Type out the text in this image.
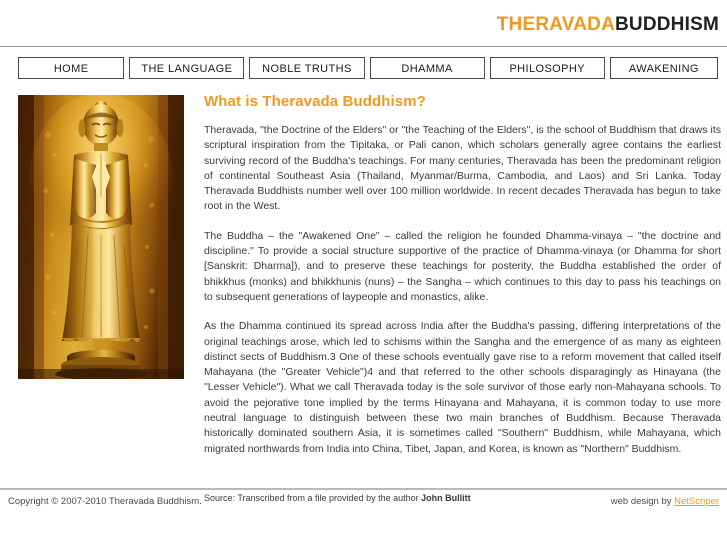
THERAVADABUDDHISM
HOME	THE LANGUAGE	NOBLE TRUTHS	DHAMMA	PHILOSOPHY	AWAKENING
What is Theravada Buddhism?

Theravada, "the Doctrine of the Elders" or "the Teaching of the Elders", is the school of Buddhism that draws its scriptural inspiration from the Tipitaka, or Pali canon, which scholars generally agree contains the earliest surviving record of the Buddha's teachings. For many centuries, Theravada has been the predominant religion of continental Southeast Asia (Thailand, Myanmar/Burma, Cambodia, and Laos) and Sri Lanka. Today Theravada Buddhists number well over 100 million worldwide. In recent decades Theravada has begun to take root in the West.

The Buddha – the "Awakened One" – called the religion he founded Dhamma-vinaya – "the doctrine and discipline." To provide a social structure supportive of the practice of Dhamma-vinaya (or Dhamma for short [Sanskrit: Dharma]), and to preserve these teachings for posterity, the Buddha established the order of bhikkhus (monks) and bhikkhunis (nuns) – the Sangha – which continues to this day to pass his teachings on to subsequent generations of laypeople and monastics, alike.

As the Dhamma continued its spread across India after the Buddha's passing, differing interpretations of the original teachings arose, which led to schisms within the Sangha and the emergence of as many as eighteen distinct sects of Buddhism.3 One of these schools eventually gave rise to a reform movement that called itself Mahayana (the "Greater Vehicle")4 and that referred to the other schools disparagingly as Hinayana (the "Lesser Vehicle"). What we call Theravada today is the sole survivor of those early non-Mahayana schools. To avoid the pejorative tone implied by the terms Hinayana and Mahayana, it is common today to use more neutral language to distinguish between these two main branches of Buddhism. Because Theravada historically dominated southern Asia, it is sometimes called "Southern" Buddhism, while Mahayana, which migrated northwards from India into China, Tibet, Japan, and Korea, is known as "Northern" Buddhism.

Source: Transcribed from a file provided by the author John Bullitt

Copyright © 2007-2010 Theravada Buddhism.	web design by NetScriper
